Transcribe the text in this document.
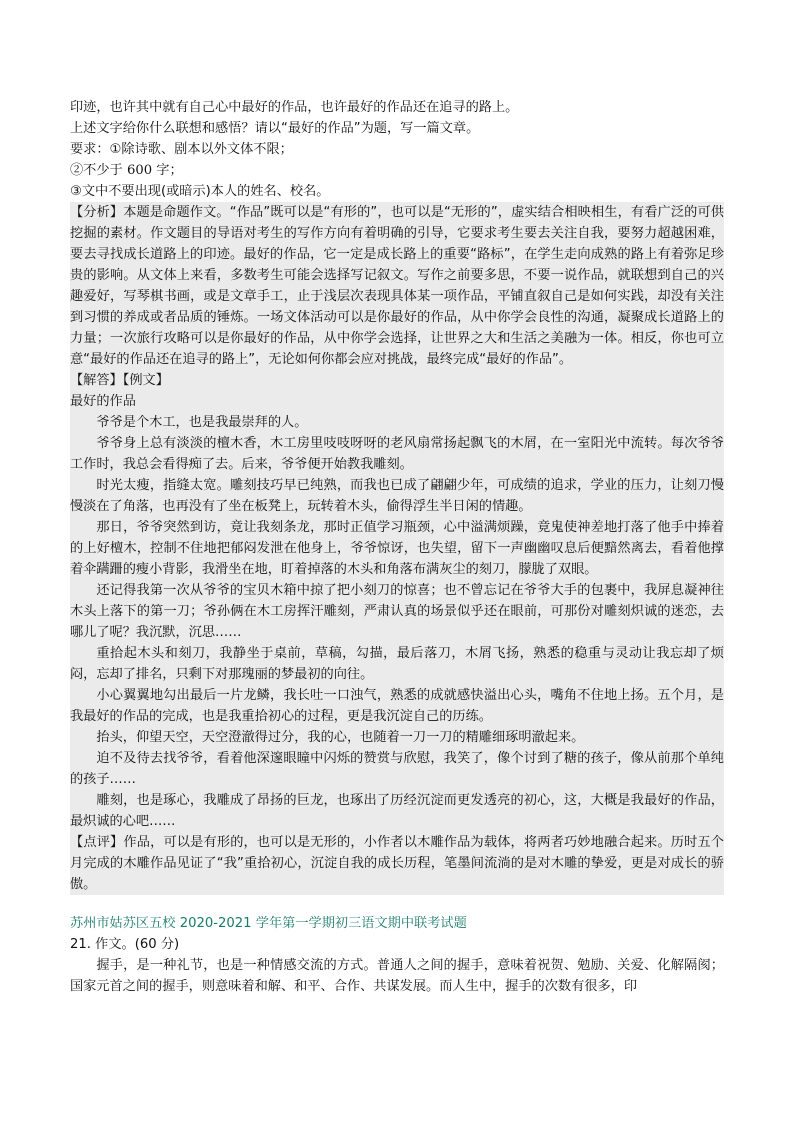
印迹，也许其中就有自己心中最好的作品，也许最好的作品还在追寻的路上。
上述文字给你什么联想和感悟？请以“最好的作品”为题，写一篇文章。
要求：①除诗歌、剧本以外文体不限；
②不少于 600 字；
③文中不要出现(或暗示)本人的姓名、校名。
【分析】本题是命题作文。“作品”既可以是“有形的”，也可以是“无形的”，虚实结合相映相生，有看广泛的可供挖掘的素材。作文题目的导语对考生的写作方向有着明确的引导，它要求考生要去关注自我，要努力超越困难，要去寻找成长道路上的印迹。最好的作品，它一定是成长路上的重要“路标”，在学生走向成熟的路上有着弥足珍贵的影响。从文体上来看，多数考生可能会选择写记叙文。写作之前要多思，不要一说作品，就联想到自己的兴趣爱好，写琴棋书画，或是文章手工，止于浅层次表现具体某一项作品，平铺直叙自己是如何实践，却没有关注到习惯的养成或者品质的锤炼。一场文体活动可以是你最好的作品，从中你学会良性的沟通，凝聚成长道路上的力量；一次旅行攻略可以是你最好的作品，从中你学会选择，让世界之大和生活之美融为一体。相反，你也可立意“最好的作品还在追寻的路上”，无论如何你都会应对挑战，最终完成“最好的作品”。
【解答】【例文】
最好的作品
爷爷是个木工，也是我最崇拜的人。
爷爷身上总有淡淡的檀木香，木工房里吱吱呀呀的老风扇常扬起飘飞的木屑，在一室阳光中流转。每次爷爷工作时，我总会看得痴了去。后来，爷爷便开始教我雕刻。
时光太瘦，指缝太宽。雕刻技巧早已纯熟，而我也已成了翩翩少年，可成绩的追求，学业的压力，让刻刀慢慢淡在了角落，也再没有了坐在板凳上，玩转着木头，偷得浮生半日闲的情趣。
那日，爷爷突然到访，竟让我刻条龙，那时正值学习瓶颈，心中溢满烦躁，竟鬼使神差地打落了他手中捧着的上好檀木，控制不住地把郁闷发泄在他身上，爷爷惊讶，也失望，留下一声幽幽叹息后便黯然离去，看着他撑着伞蹒跚的瘦小背影，我滑坐在地，盯着掉落的木头和角落布满灰尘的刻刀，朦胧了双眼。
还记得我第一次从爷爷的宝贝木箱中掠了把小刻刀的惊喜；也不曾忘记在爷爷大手的包裹中，我屏息凝神往木头上落下的第一刀；爷孙俩在木工房挥汗雕刻，严肃认真的场景似乎还在眼前，可那份对雕刻炽诚的迷恋，去哪儿了呢？我沉默，沉思……
重拾起木头和刻刀，我静坐于桌前，草稿，勾描，最后落刀，木屑飞扬，熟悉的稳重与灵动让我忘却了烦闷，忘却了排名，只剩下对那瑰丽的梦最初的向往。
小心翼翼地勾出最后一片龙鳞，我长吐一口浊气，熟悉的成就感快溢出心头，嘴角不住地上扬。五个月，是我最好的作品的完成，也是我重拾初心的过程，更是我沉淀自己的历练。
抬头，仰望天空，天空澄澈得过分，我的心，也随着一刀一刀的精雕细琢明澈起来。
迫不及待去找爷爷，看着他深邃眼瞳中闪烁的赞赏与欣慰，我笑了，像个讨到了糖的孩子，像从前那个单纯的孩子……
雕刻，也是琢心，我雕成了昂扬的巨龙，也琢出了历经沉淀而更发透亮的初心，这，大概是我最好的作品，最炽诚的心吧……
【点评】作品，可以是有形的，也可以是无形的，小作者以木雕作品为载体，将两者巧妙地融合起来。历时五个月完成的木雕作品见证了“我”重拾初心，沉淀自我的成长历程，笔墨间流淌的是对木雕的挚爱，更是对成长的骄傲。
苏州市姑苏区五校 2020-2021 学年第一学期初三语文期中联考试题
21. 作文。(60 分)
握手，是一种礼节，也是一种情感交流的方式。普通人之间的握手，意味着祝贺、勉励、关爱、化解隔阂；国家元首之间的握手，则意味着和解、和平、合作、共谋发展。而人生中，握手的次数有很多，印
